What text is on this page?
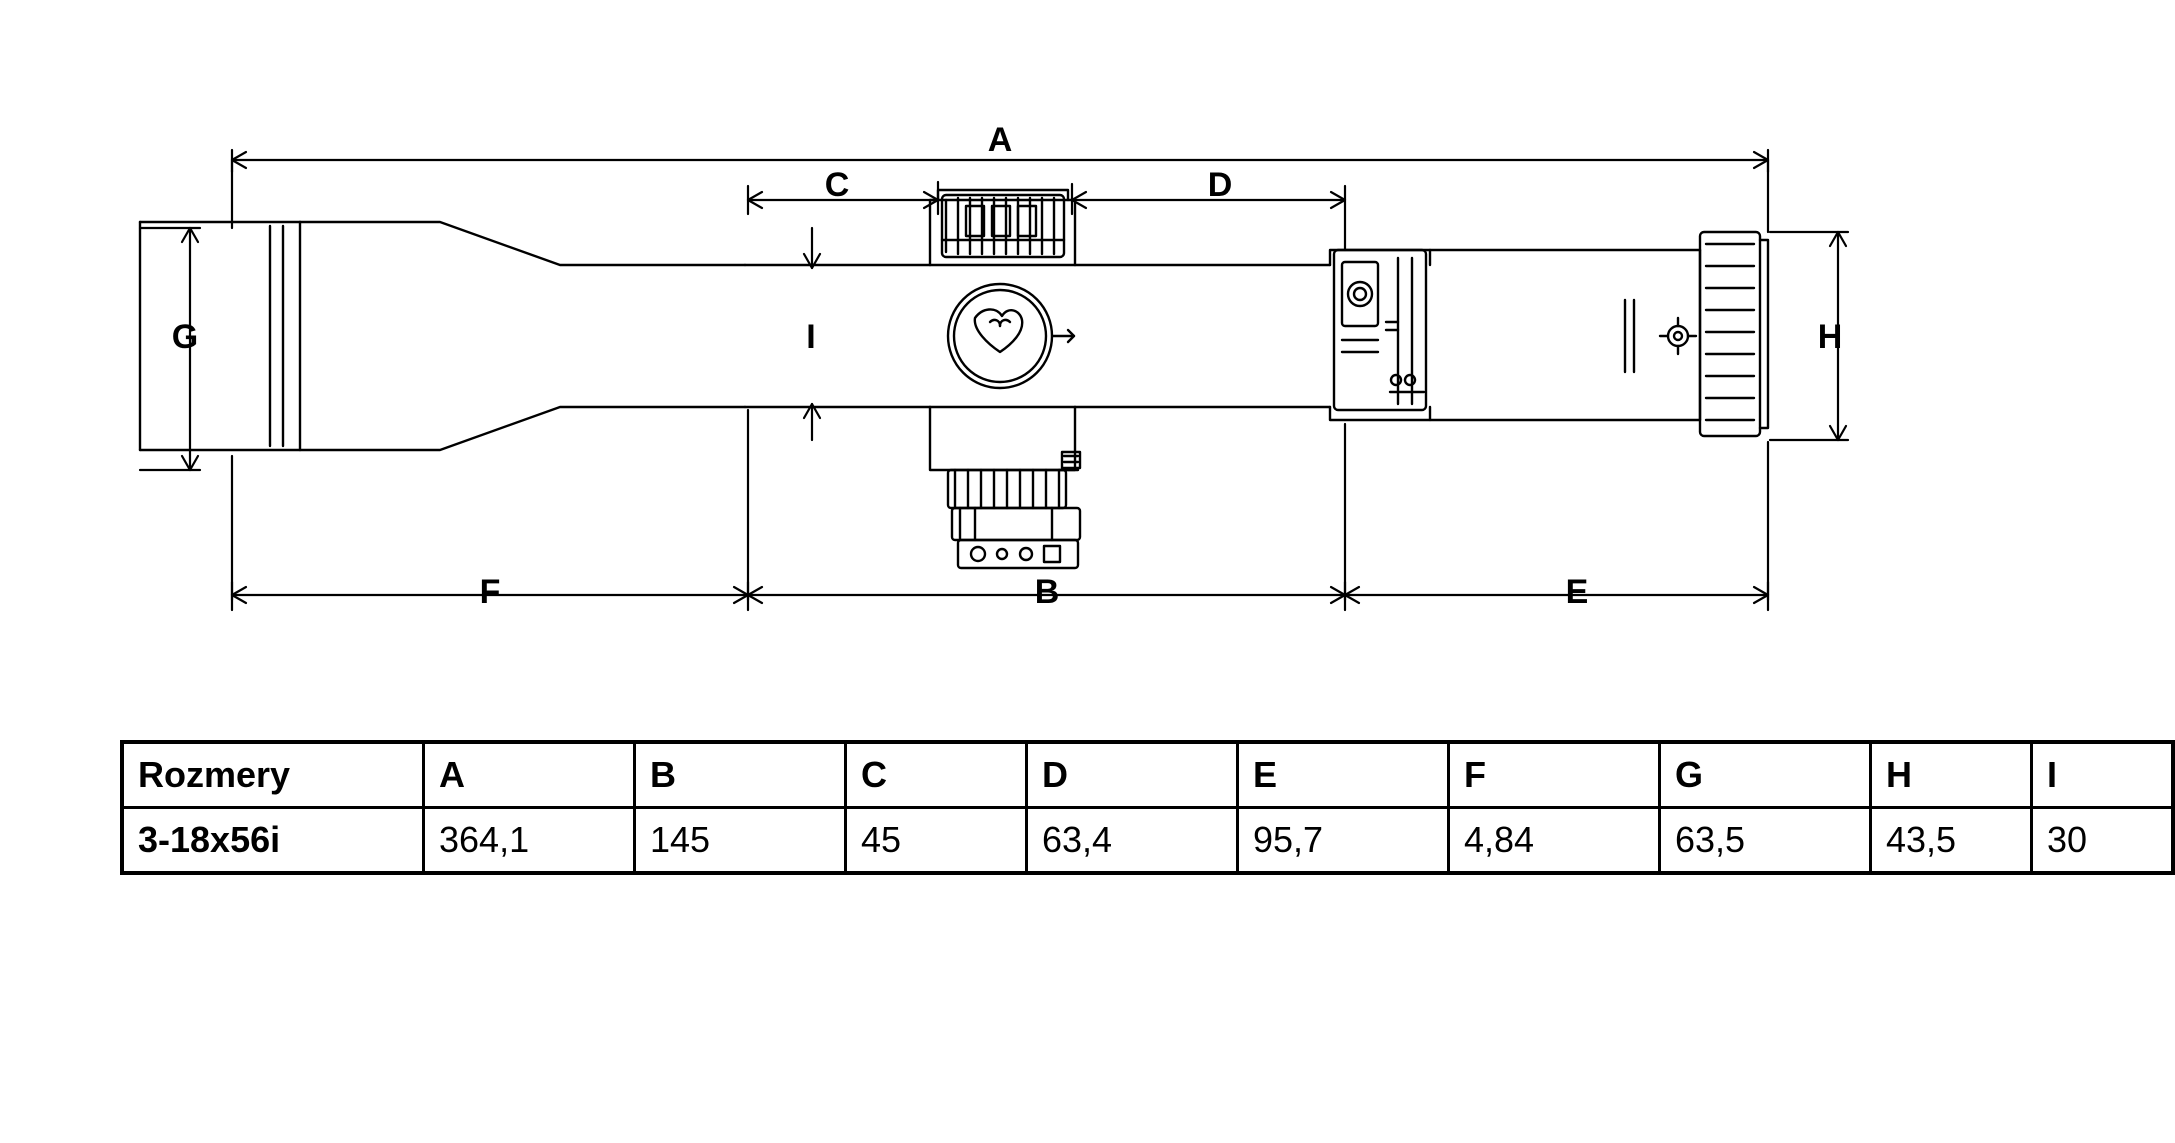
A
C	D
G	H
I
F	B	E
Rozmery	A	B	C	D	E	F	G	H	I
3-18x56i	364,1	145	45	63,4	95,7	4,84	63,5	43,5	30
